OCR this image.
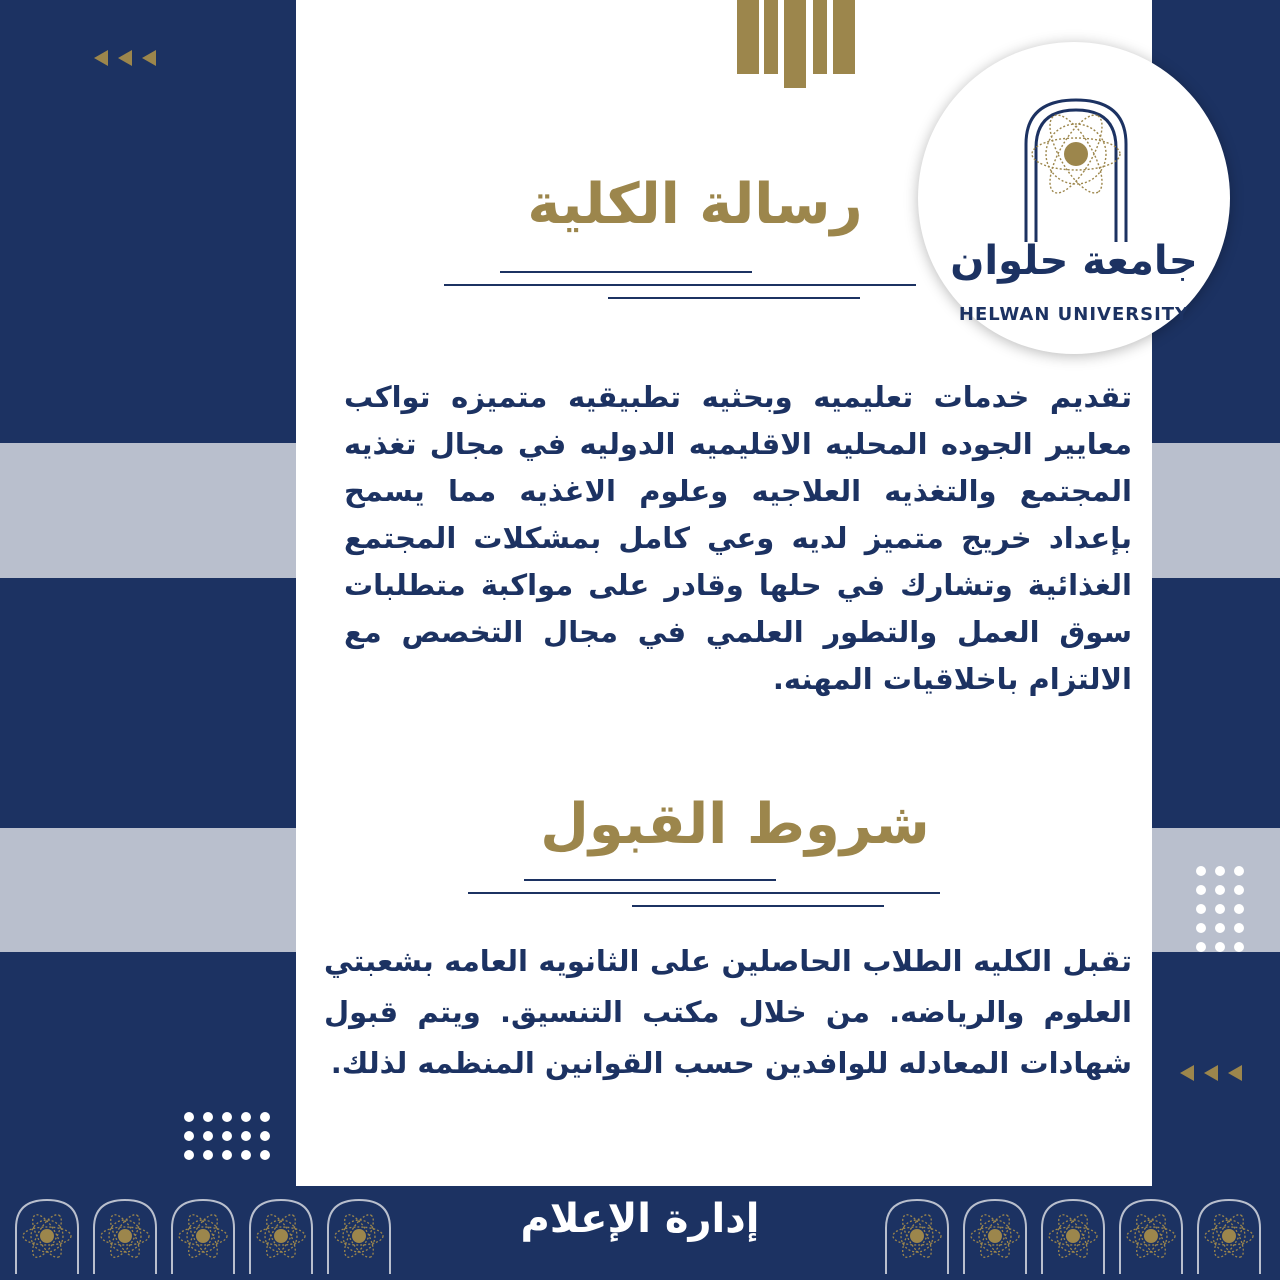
جامعة حلوان
HELWAN UNIVERSITY
رسالة الكلية
تقديم خدمات تعليميه وبحثيه تطبيقيه متميزه تواكب معايير الجوده المحليه الاقليميه الدوليه في مجال تغذيه المجتمع والتغذيه العلاجيه وعلوم الاغذيه مما يسمح بإعداد خريج متميز لديه وعي كامل بمشكلات المجتمع الغذائية وتشارك في حلها وقادر على مواكبة متطلبات سوق العمل والتطور العلمي في مجال التخصص مع الالتزام باخلاقيات المهنه.
شروط القبول
تقبل الكليه الطلاب الحاصلين على الثانويه العامه بشعبتي العلوم والرياضه. من خلال مكتب التنسيق. ويتم قبول شهادات المعادله للوافدين حسب القوانين المنظمه لذلك.
إدارة الإعلام
